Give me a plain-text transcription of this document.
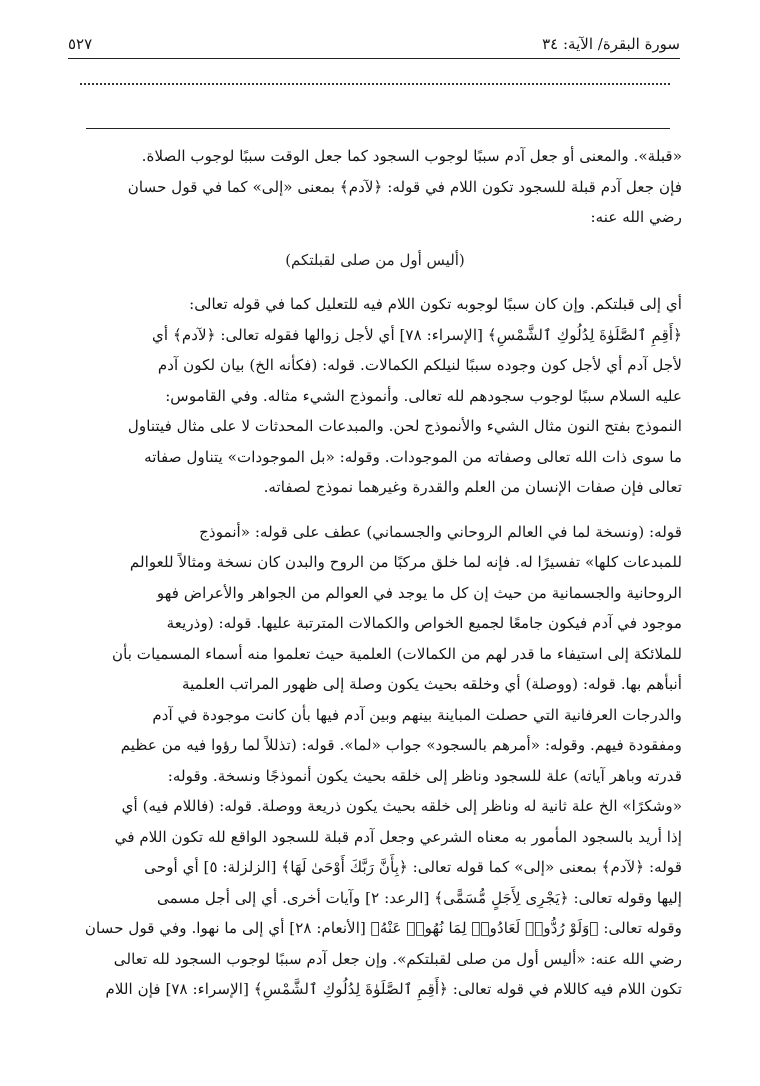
سورة البقرة/ الآية: ٣٤
٥٢٧

«قبلة». والمعنى أو جعل آدم سببًا لوجوب السجود كما جعل الوقت سببًا لوجوب الصلاة.

فإن جعل آدم قبلة للسجود تكون اللام في قوله: ﴿لآدم﴾ بمعنى «إلى» كما في قول حسان

رضي الله عنه:

(أليس أول من صلى لقبلتكم)

أي إلى قبلتكم. وإن كان سببًا لوجوبه تكون اللام فيه للتعليل كما في قوله تعالى:

﴿أَقِمِ ٱلصَّلَوٰةَ لِدُلُوكِ ٱلشَّمْسِ﴾ [الإسراء: ٧٨] أي لأجل زوالها فقوله تعالى: ﴿لآدم﴾ أي

لأجل آدم أي لأجل كون وجوده سببًا لنيلكم الكمالات. قوله: (فكأنه الخ) بيان لكون آدم

عليه السلام سببًا لوجوب سجودهم لله تعالى. وأنموذج الشيء مثاله. وفي القاموس:

النموذج بفتح النون مثال الشيء والأنموذج لحن. والمبدعات المحدثات لا على مثال فيتناول

ما سوى ذات الله تعالى وصفاته من الموجودات. وقوله: «بل الموجودات» يتناول صفاته

تعالى فإن صفات الإنسان من العلم والقدرة وغيرهما نموذج لصفاته.

قوله: (ونسخة لما في العالم الروحاني والجسماني) عطف على قوله: «أنموذج

للمبدعات كلها» تفسيرًا له. فإنه لما خلق مركبًا من الروح والبدن كان نسخة ومثالاً للعوالم

الروحانية والجسمانية من حيث إن كل ما يوجد في العوالم من الجواهر والأعراض فهو

موجود في آدم فيكون جامعًا لجميع الخواص والكمالات المترتبة عليها. قوله: (وذريعة

للملائكة إلى استيفاء ما قدر لهم من الكمالات) العلمية حيث تعلموا منه أسماء المسميات بأن

أنبأهم بها. قوله: (ووصلة) أي وخلقه بحيث يكون وصلة إلى ظهور المراتب العلمية

والدرجات العرفانية التي حصلت المباينة بينهم وبين آدم فيها بأن كانت موجودة في آدم

ومفقودة فيهم. وقوله: «أمرهم بالسجود» جواب «لما». قوله: (تذللاً لما رؤوا فيه من عظيم

قدرته وباهر آياته) علة للسجود وناظر إلى خلقه بحيث يكون أنموذجًا ونسخة. وقوله:

«وشكرًا» الخ علة ثانية له وناظر إلى خلقه بحيث يكون ذريعة ووصلة. قوله: (فاللام فيه) أي

إذا أريد بالسجود المأمور به معناه الشرعي وجعل آدم قبلة للسجود الواقع لله تكون اللام في

قوله: ﴿لآدم﴾ بمعنى «إلى» كما قوله تعالى: ﴿بِأَنَّ رَبَّكَ أَوْحَىٰ لَهَا﴾ [الزلزلة: ٥] أي أوحى

إليها وقوله تعالى: ﴿يَجْرِى لِأَجَلٍ مُّسَمًّى﴾ [الرعد: ٢] وآيات أخرى. أي إلى أجل مسمى

وقوله تعالى: ﴿وَلَوْ رُدُّوا۟ لَعَادُوا۟ لِمَا نُهُوا۟ عَنْهُ﴾ [الأنعام: ٢٨] أي إلى ما نهوا. وفي قول حسان

رضي الله عنه: «أليس أول من صلى لقبلتكم». وإن جعل آدم سببًا لوجوب السجود لله تعالى

تكون اللام فيه كاللام في قوله تعالى: ﴿أَقِمِ ٱلصَّلَوٰةَ لِدُلُوكِ ٱلشَّمْسِ﴾ [الإسراء: ٧٨] فإن اللام
